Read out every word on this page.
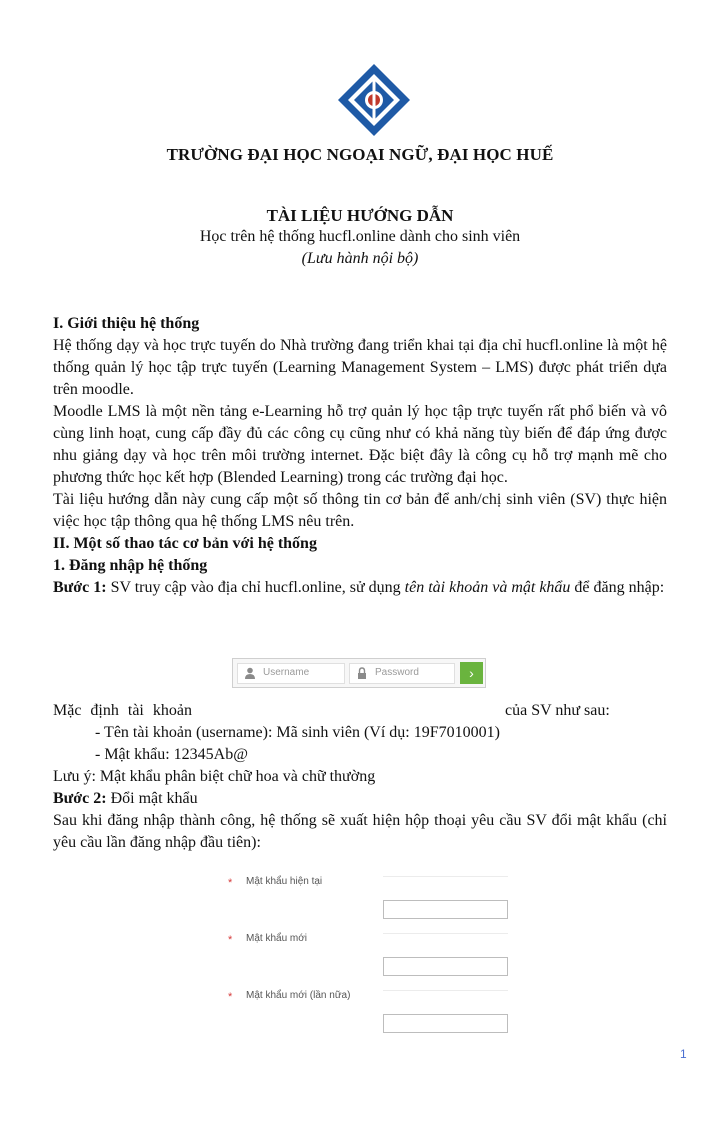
TRƯỜNG ĐẠI HỌC NGOẠI NGỮ, ĐẠI HỌC HUẾ
TÀI LIỆU HƯỚNG DẪN
Học trên hệ thống hucfl.online dành cho sinh viên
(Lưu hành nội bộ)

I. Giới thiệu hệ thống

Hệ thống dạy và học trực tuyến do Nhà trường đang triển khai tại địa chỉ hucfl.online là một hệ thống quản lý học tập trực tuyến (Learning Management System – LMS) được phát triển dựa trên moodle.

Moodle LMS là một nền tảng e-Learning hỗ trợ quản lý học tập trực tuyến rất phổ biến và vô cùng linh hoạt, cung cấp đầy đủ các công cụ cũng như có khả năng tùy biến để đáp ứng được nhu giảng dạy và học trên môi trường internet. Đặc biệt đây là công cụ hỗ trợ mạnh mẽ cho phương thức học kết hợp (Blended Learning) trong các trường đại học.

Tài liệu hướng dẫn này cung cấp một số thông tin cơ bản để anh/chị sinh viên (SV) thực hiện việc học tập thông qua hệ thống LMS nêu trên.

II. Một số thao tác cơ bản với hệ thống

1. Đăng nhập hệ thống

Bước 1: SV truy cập vào địa chỉ hucfl.online, sử dụng tên tài khoản và mật khẩu để đăng nhập:

Username	Password	›
Mặc định tài khoản	của SV như sau:

- Tên tài khoản (username): Mã sinh viên (Ví dụ: 19F7010001)

- Mật khẩu: 12345Ab@

Lưu ý: Mật khẩu phân biệt chữ hoa và chữ thường

Bước 2: Đổi mật khẩu

Sau khi đăng nhập thành công, hệ thống sẽ xuất hiện hộp thoại yêu cầu SV đổi mật khẩu (chỉ yêu cầu lần đăng nhập đầu tiên):

* Mật khẩu hiện tại
* Mật khẩu mới
* Mật khẩu mới (lần nữa)
1
